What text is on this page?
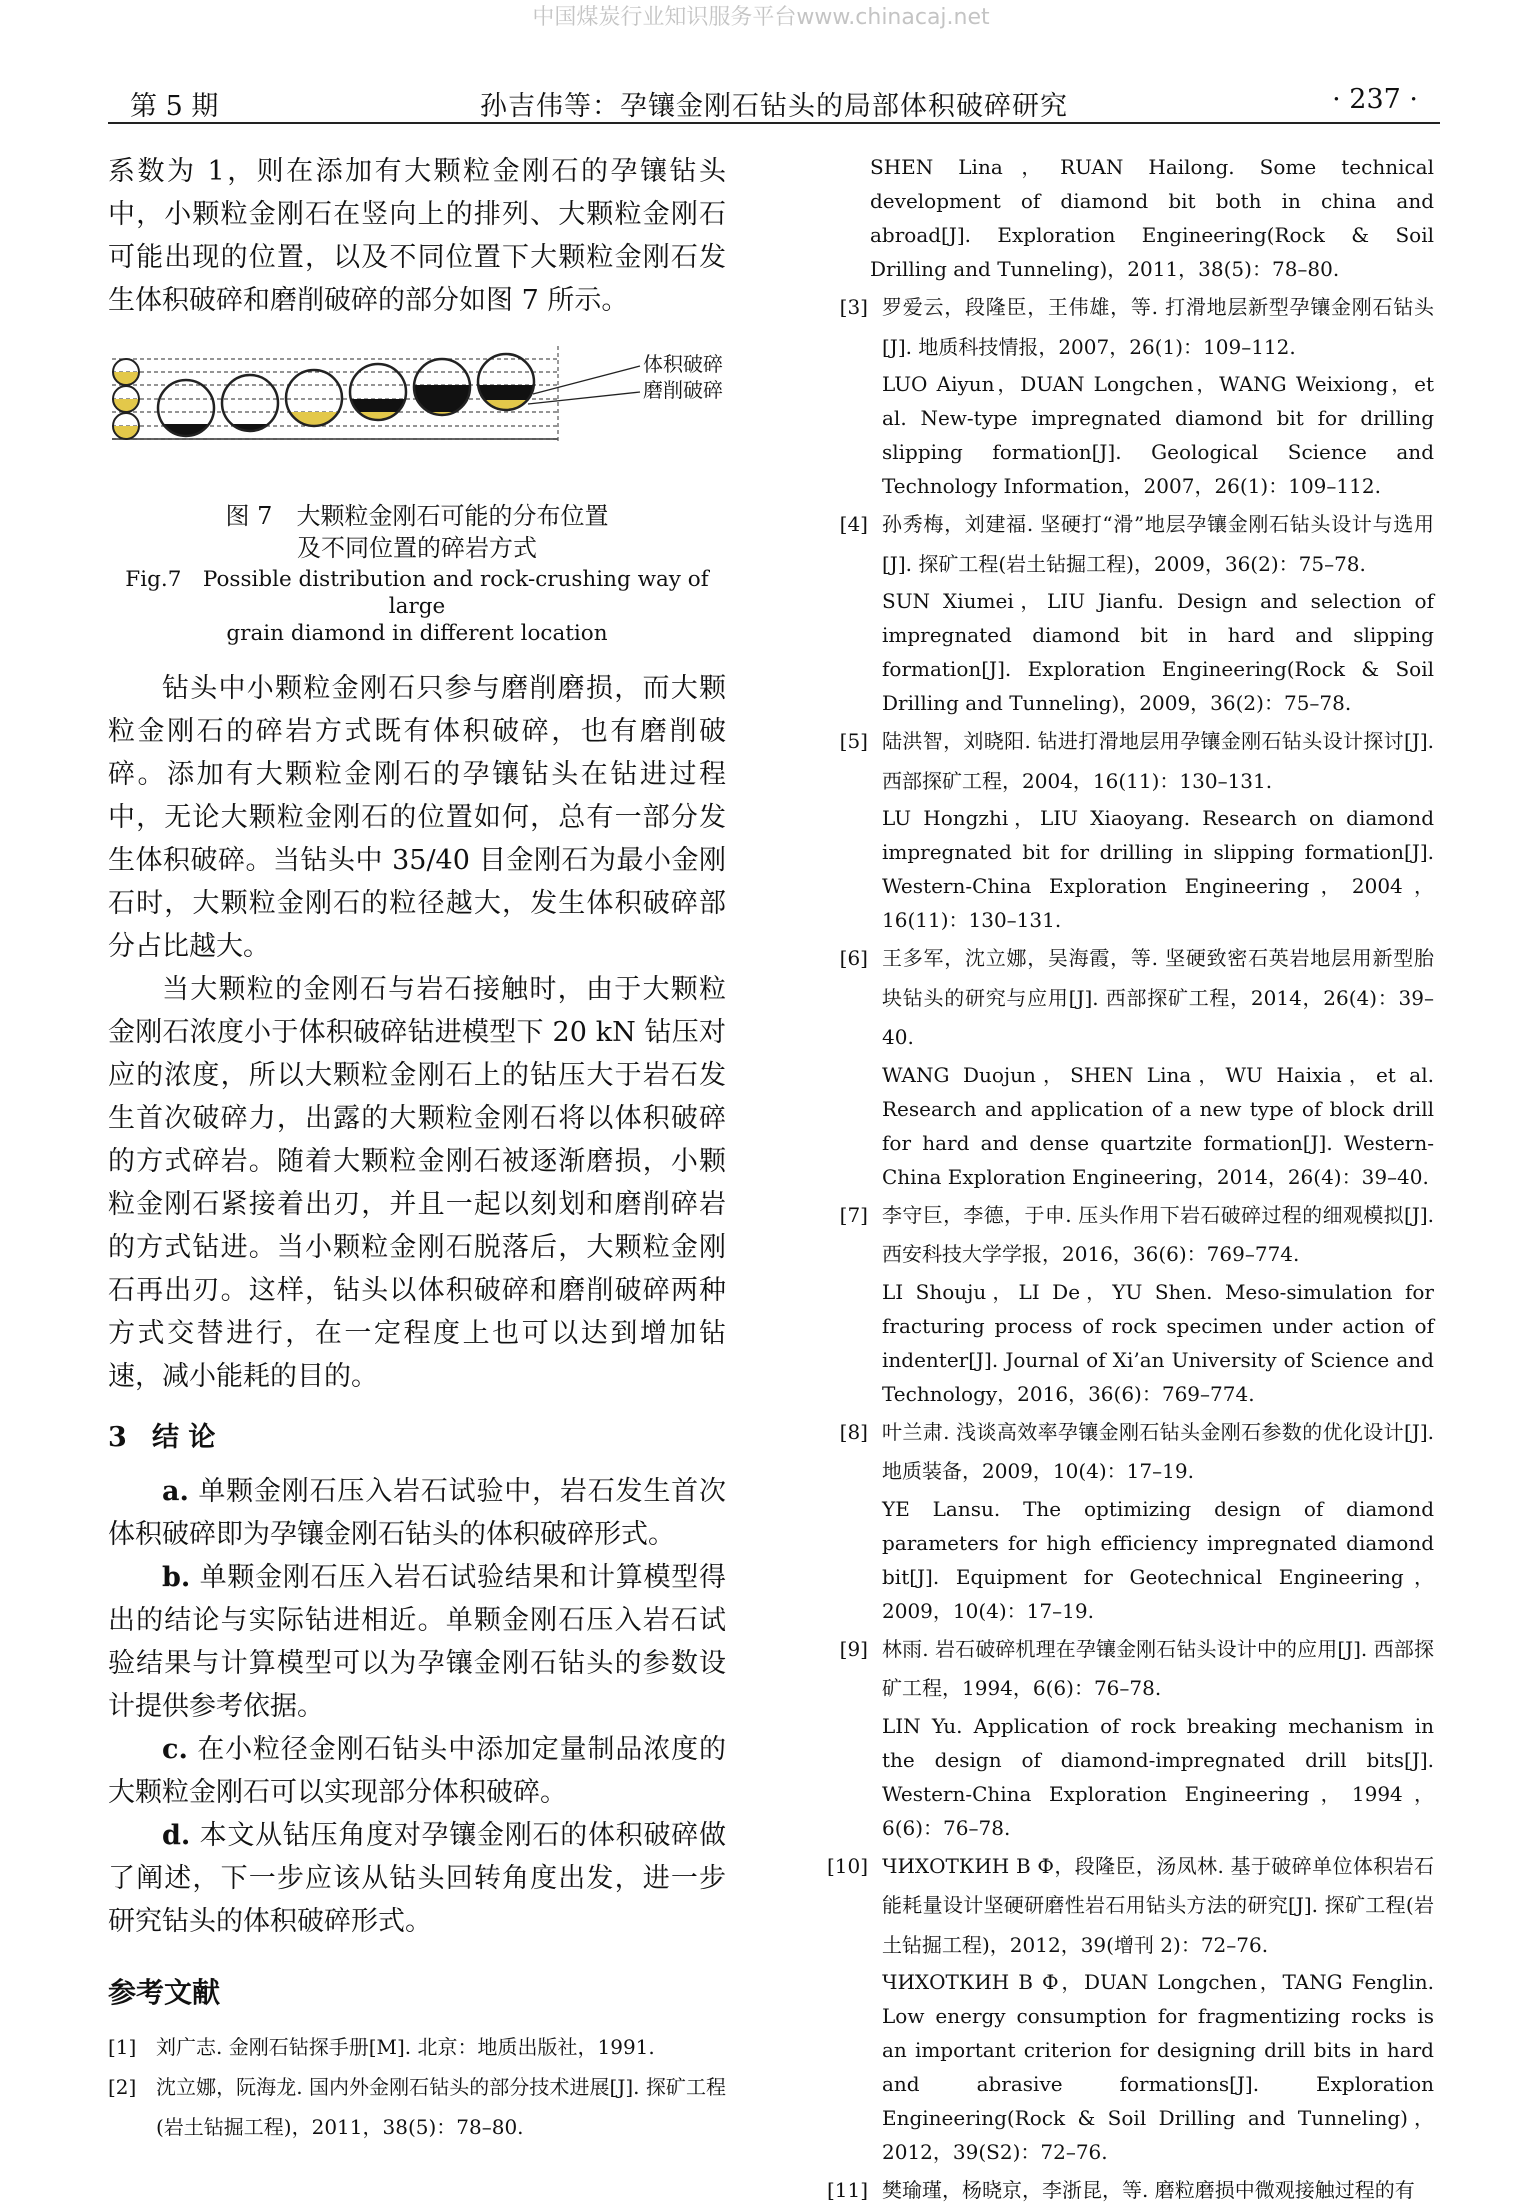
中国煤炭行业知识服务平台www.chinacaj.net
第 5 期	孙吉伟等：孕镶金刚石钻头的局部体积破碎研究	· 237 ·

系数为 1，则在添加有大颗粒金刚石的孕镶钻头中，小颗粒金刚石在竖向上的排列、大颗粒金刚石可能出现的位置，以及不同位置下大颗粒金刚石发生体积破碎和磨削破碎的部分如图 7 所示。

体积破碎
磨削破碎

图 7　大颗粒金刚石可能的分布位置

及不同位置的碎岩方式

Fig.7　Possible distribution and rock-crushing way of large

grain diamond in different location

钻头中小颗粒金刚石只参与磨削磨损，而大颗粒金刚石的碎岩方式既有体积破碎，也有磨削破碎。添加有大颗粒金刚石的孕镶钻头在钻进过程中，无论大颗粒金刚石的位置如何，总有一部分发生体积破碎。当钻头中 35/40 目金刚石为最小金刚石时，大颗粒金刚石的粒径越大，发生体积破碎部分占比越大。

当大颗粒的金刚石与岩石接触时，由于大颗粒金刚石浓度小于体积破碎钻进模型下 20 kN 钻压对应的浓度，所以大颗粒金刚石上的钻压大于岩石发生首次破碎力，出露的大颗粒金刚石将以体积破碎的方式碎岩。随着大颗粒金刚石被逐渐磨损，小颗粒金刚石紧接着出刃，并且一起以刻划和磨削碎岩的方式钻进。当小颗粒金刚石脱落后，大颗粒金刚石再出刃。这样，钻头以体积破碎和磨削破碎两种方式交替进行，在一定程度上也可以达到增加钻速，减小能耗的目的。

3 结 论

a. 单颗金刚石压入岩石试验中，岩石发生首次体积破碎即为孕镶金刚石钻头的体积破碎形式。

b. 单颗金刚石压入岩石试验结果和计算模型得出的结论与实际钻进相近。单颗金刚石压入岩石试验结果与计算模型可以为孕镶金刚石钻头的参数设计提供参考依据。

c. 在小粒径金刚石钻头中添加定量制品浓度的大颗粒金刚石可以实现部分体积破碎。

d. 本文从钻压角度对孕镶金刚石的体积破碎做了阐述，下一步应该从钻头回转角度出发，进一步研究钻头的体积破碎形式。

参考文献
[1] 刘广志. 金刚石钻探手册[M]. 北京：地质出版社，1991.
[2] 沈立娜，阮海龙. 国内外金刚石钻头的部分技术进展[J]. 探矿工程(岩土钻掘工程)，2011，38(5)：78–80.

SHEN Lina，RUAN Hailong. Some technical development of diamond bit both in china and abroad[J]. Exploration Engineering(Rock & Soil Drilling and Tunneling)，2011，38(5)：78–80.

[3] 罗爱云，段隆臣，王伟雄，等. 打滑地层新型孕镶金刚石钻头[J]. 地质科技情报，2007，26(1)：109–112.

LUO Aiyun，DUAN Longchen，WANG Weixiong，et al. New-type impregnated diamond bit for drilling slipping formation[J]. Geological Science and Technology Information，2007，26(1)：109–112.

[4] 孙秀梅，刘建福. 坚硬打“滑”地层孕镶金刚石钻头设计与选用[J]. 探矿工程(岩土钻掘工程)，2009，36(2)：75–78.

SUN Xiumei，LIU Jianfu. Design and selection of impregnated diamond bit in hard and slipping formation[J]. Exploration Engineering(Rock & Soil Drilling and Tunneling)，2009，36(2)：75–78.

[5] 陆洪智，刘晓阳. 钻进打滑地层用孕镶金刚石钻头设计探讨[J]. 西部探矿工程，2004，16(11)：130–131.

LU Hongzhi，LIU Xiaoyang. Research on diamond impregnated bit for drilling in slipping formation[J]. Western-China Exploration Engineering，2004，16(11)：130–131.

[6] 王多军，沈立娜，吴海霞，等. 坚硬致密石英岩地层用新型胎块钻头的研究与应用[J]. 西部探矿工程，2014，26(4)：39–40.

WANG Duojun，SHEN Lina，WU Haixia，et al. Research and application of a new type of block drill for hard and dense quartzite formation[J]. Western-China Exploration Engineering，2014，26(4)：39–40.

[7] 李守巨，李德，于申. 压头作用下岩石破碎过程的细观模拟[J]. 西安科技大学学报，2016，36(6)：769–774.

LI Shouju，LI De，YU Shen. Meso-simulation for fracturing process of rock specimen under action of indenter[J]. Journal of Xi’an University of Science and Technology，2016，36(6)：769–774.

[8] 叶兰肃. 浅谈高效率孕镶金刚石钻头金刚石参数的优化设计[J]. 地质装备，2009，10(4)：17–19.

YE Lansu. The optimizing design of diamond parameters for high efficiency impregnated diamond bit[J]. Equipment for Geotechnical Engineering，2009，10(4)：17–19.

[9] 林雨. 岩石破碎机理在孕镶金刚石钻头设计中的应用[J]. 西部探矿工程，1994，6(6)：76–78.

LIN Yu. Application of rock breaking mechanism in the design of diamond-impregnated drill bits[J]. Western-China Exploration Engineering，1994，6(6)：76–78.

[10] ЧИХОТКИН В Ф，段隆臣，汤凤林. 基于破碎单位体积岩石能耗量设计坚硬研磨性岩石用钻头方法的研究[J]. 探矿工程(岩土钻掘工程)，2012，39(增刊 2)：72–76.

ЧИХОТКИН В Ф，DUAN Longchen，TANG Fenglin. Low energy consumption for fragmentizing rocks is an important criterion for designing drill bits in hard and abrasive formations[J]. Exploration Engineering(Rock & Soil Drilling and Tunneling)，2012，39(S2)：72–76.

[11] 樊瑜瑾，杨晓京，李浙昆，等. 磨粒磨损中微观接触过程的有
